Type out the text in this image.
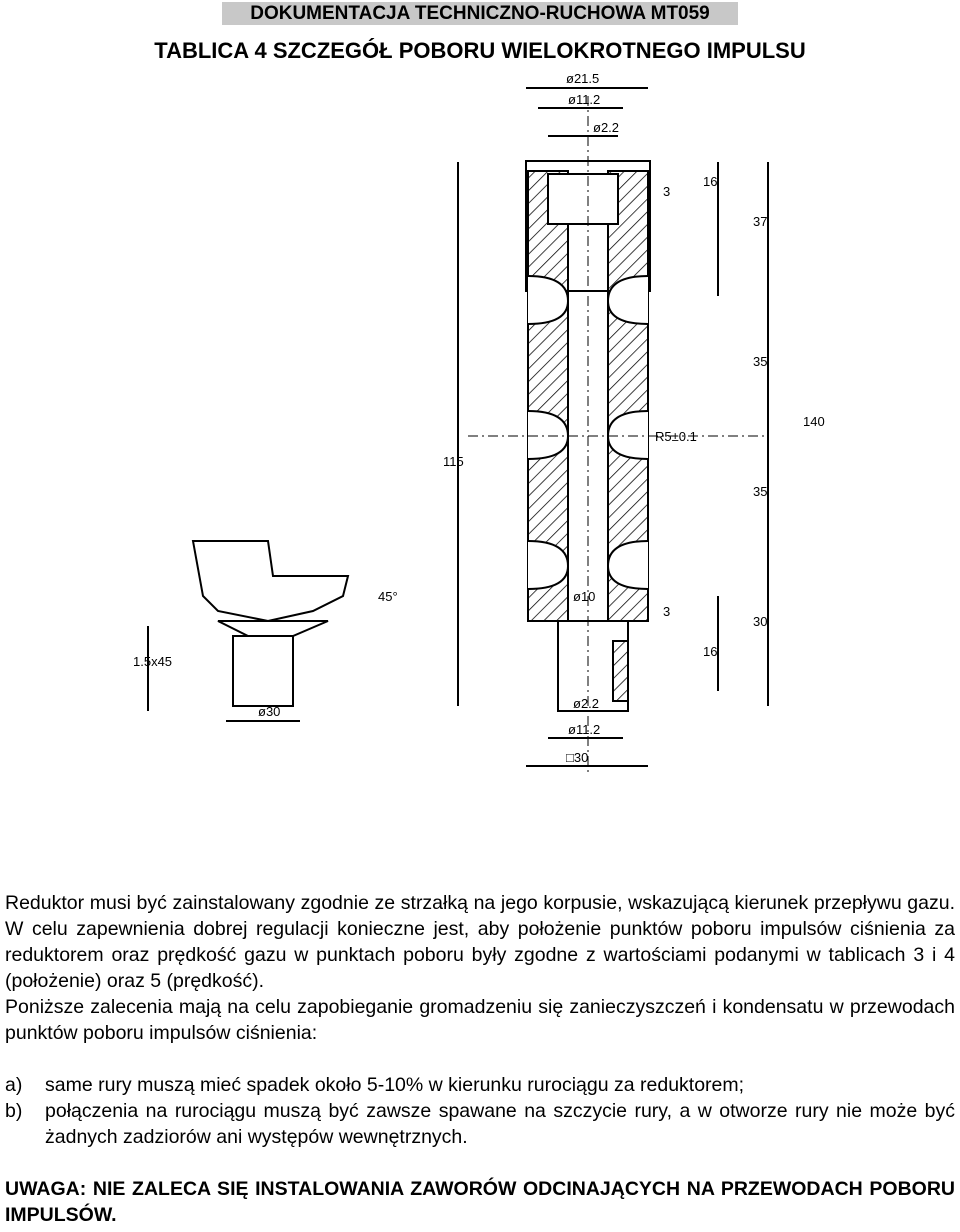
DOKUMENTACJA TECHNICZNO-RUCHOWA MT059
TABLICA 4 SZCZEGÓŁ POBORU WIELOKROTNEGO IMPULSU
ø21.5
ø11.2
ø2.2
3
16
37
35
R5±0.1
140
115
35
ø10
3
16
30
ø2.2
ø11.2
□30
45°
1.5x45
ø30

Reduktor musi być zainstalowany zgodnie ze strzałką na jego korpusie, wskazującą kierunek przepływu gazu. W celu zapewnienia dobrej regulacji konieczne jest, aby położenie punktów poboru impulsów ciśnienia za reduktorem oraz prędkość gazu w punktach poboru były zgodne z wartościami podanymi w tablicach 3 i 4 (położenie) oraz 5 (prędkość).

Poniższe zalecenia mają na celu zapobieganie gromadzeniu się zanieczyszczeń i kondensatu w przewodach punktów poboru impulsów ciśnienia:

a)	same rury muszą mieć spadek około 5-10% w kierunku rurociągu za reduktorem;
b)	połączenia na rurociągu muszą być zawsze spawane na szczycie rury, a w otworze rury nie może być żadnych zadziorów ani występów wewnętrznych.
UWAGA: NIE ZALECA SIĘ INSTALOWANIA ZAWORÓW ODCINAJĄCYCH NA PRZEWODACH POBORU IMPULSÓW.
